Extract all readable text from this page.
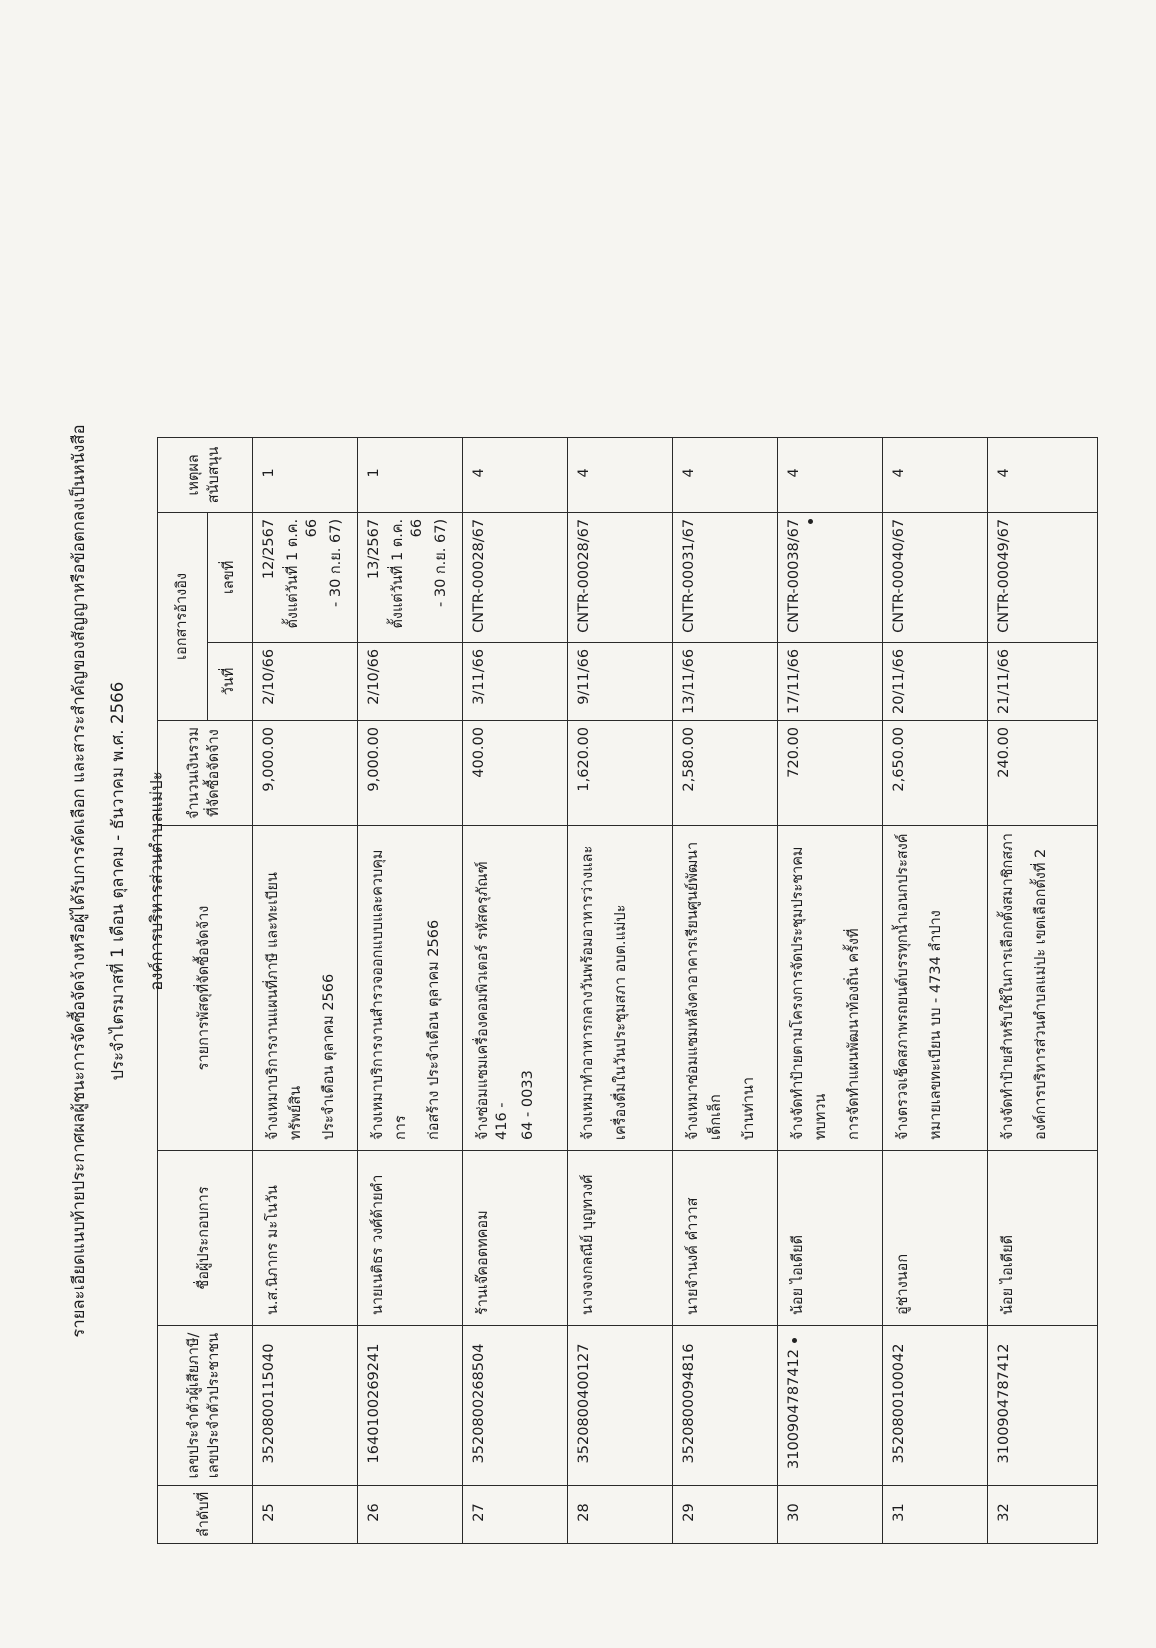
รายละเอียดแนบท้ายประกาศผลผู้ชนะการจัดซื้อจัดจ้างหรือผู้ได้รับการคัดเลือก และสาระสำคัญของสัญญาหรือข้อตกลงเป็นหนังสือ ประจำไตรมาสที่ 1 เดือน ตุลาคม - ธันวาคม พ.ศ. 2566 องค์การบริหารส่วนตำบลแม่ปะ
ลำดับที่	เลขประจำตัวผู้เสียภาษี/ เลขประจำตัวประชาชน	ชื่อผู้ประกอบการ	รายการพัสดุที่จัดซื้อจัดจ้าง	จำนวนเงินรวม ที่จัดซื้อจัดจ้าง	เอกสารอ้างอิง		เหตุผลสนับสนุน
					วันที่	เลขที่	
25	3520800115040	น.ส.นิภากร มะโนวัน	จ้างเหมาบริการงานแผนที่ภาษี และทะเบียนทรัพย์สิน ประจำเดือน ตุลาคม 2566	9,000.00	2/10/66	12/2567 ตั้งแต่วันที่ 1 ต.ค. 66 - 30 ก.ย. 67)	1
26	1640100269241	นายเนติธร วงศ์ด้ายคำ	จ้างเหมาบริการงานสำรวจออกแบบและควบคุมการ ก่อสร้าง ประจำเดือน ตุลาคม 2566	9,000.00	2/10/66	13/2567 ตั้งแต่วันที่ 1 ต.ค. 66 - 30 ก.ย. 67)	1
27	3520800268504	ร้านเจ๊คอตทคอม	จ้างซ่อมแซมเครื่องคอมพิวเตอร์ รหัสครุภัณฑ์ 416 - 64 - 0033	400.00	3/11/66	CNTR-00028/67	4
28	3520800400127	นางจงกลณีย์ บุญทวงศ์	จ้างเหมาทำอาหารกลางวันพร้อมอาหารว่างและ เครื่องดื่มในวันประชุมสภา อบต.แม่ปะ	1,620.00	9/11/66	CNTR-00028/67	4
29	3520800094816	นายจำนงค์ คำวาส	จ้างเหมาซ่อมแซมหลังคาอาคารเรียนศูนย์พัฒนาเด็กเล็ก บ้านท่านา	2,580.00	13/11/66	CNTR-00031/67	4
30	3100904787412	น้อย ไอเดียดี	จ้างจัดทำป้ายตามโครงการจัดประชุมประชาคมทบทวน การจัดทำแผนพัฒนาท้องถิ่น ครั้งที่	720.00	17/11/66	CNTR-00038/67	4
31	3520800100042	อู่ช่างนอก	จ้างตรวจเช็คสภาพรถยนต์บรรทุกน้ำเอนกประสงค์ หมายเลขทะเบียน บบ - 4734 ลำปาง	2,650.00	20/11/66	CNTR-00040/67	4
32	3100904787412	น้อย ไอเดียดี	จ้างจัดทำป้ายสำหรับใช้ในการเลือกตั้งสมาชิกสภา องค์การบริหารส่วนตำบลแม่ปะ เขตเลือกตั้งที่ 2	240.00	21/11/66	CNTR-00049/67	4
